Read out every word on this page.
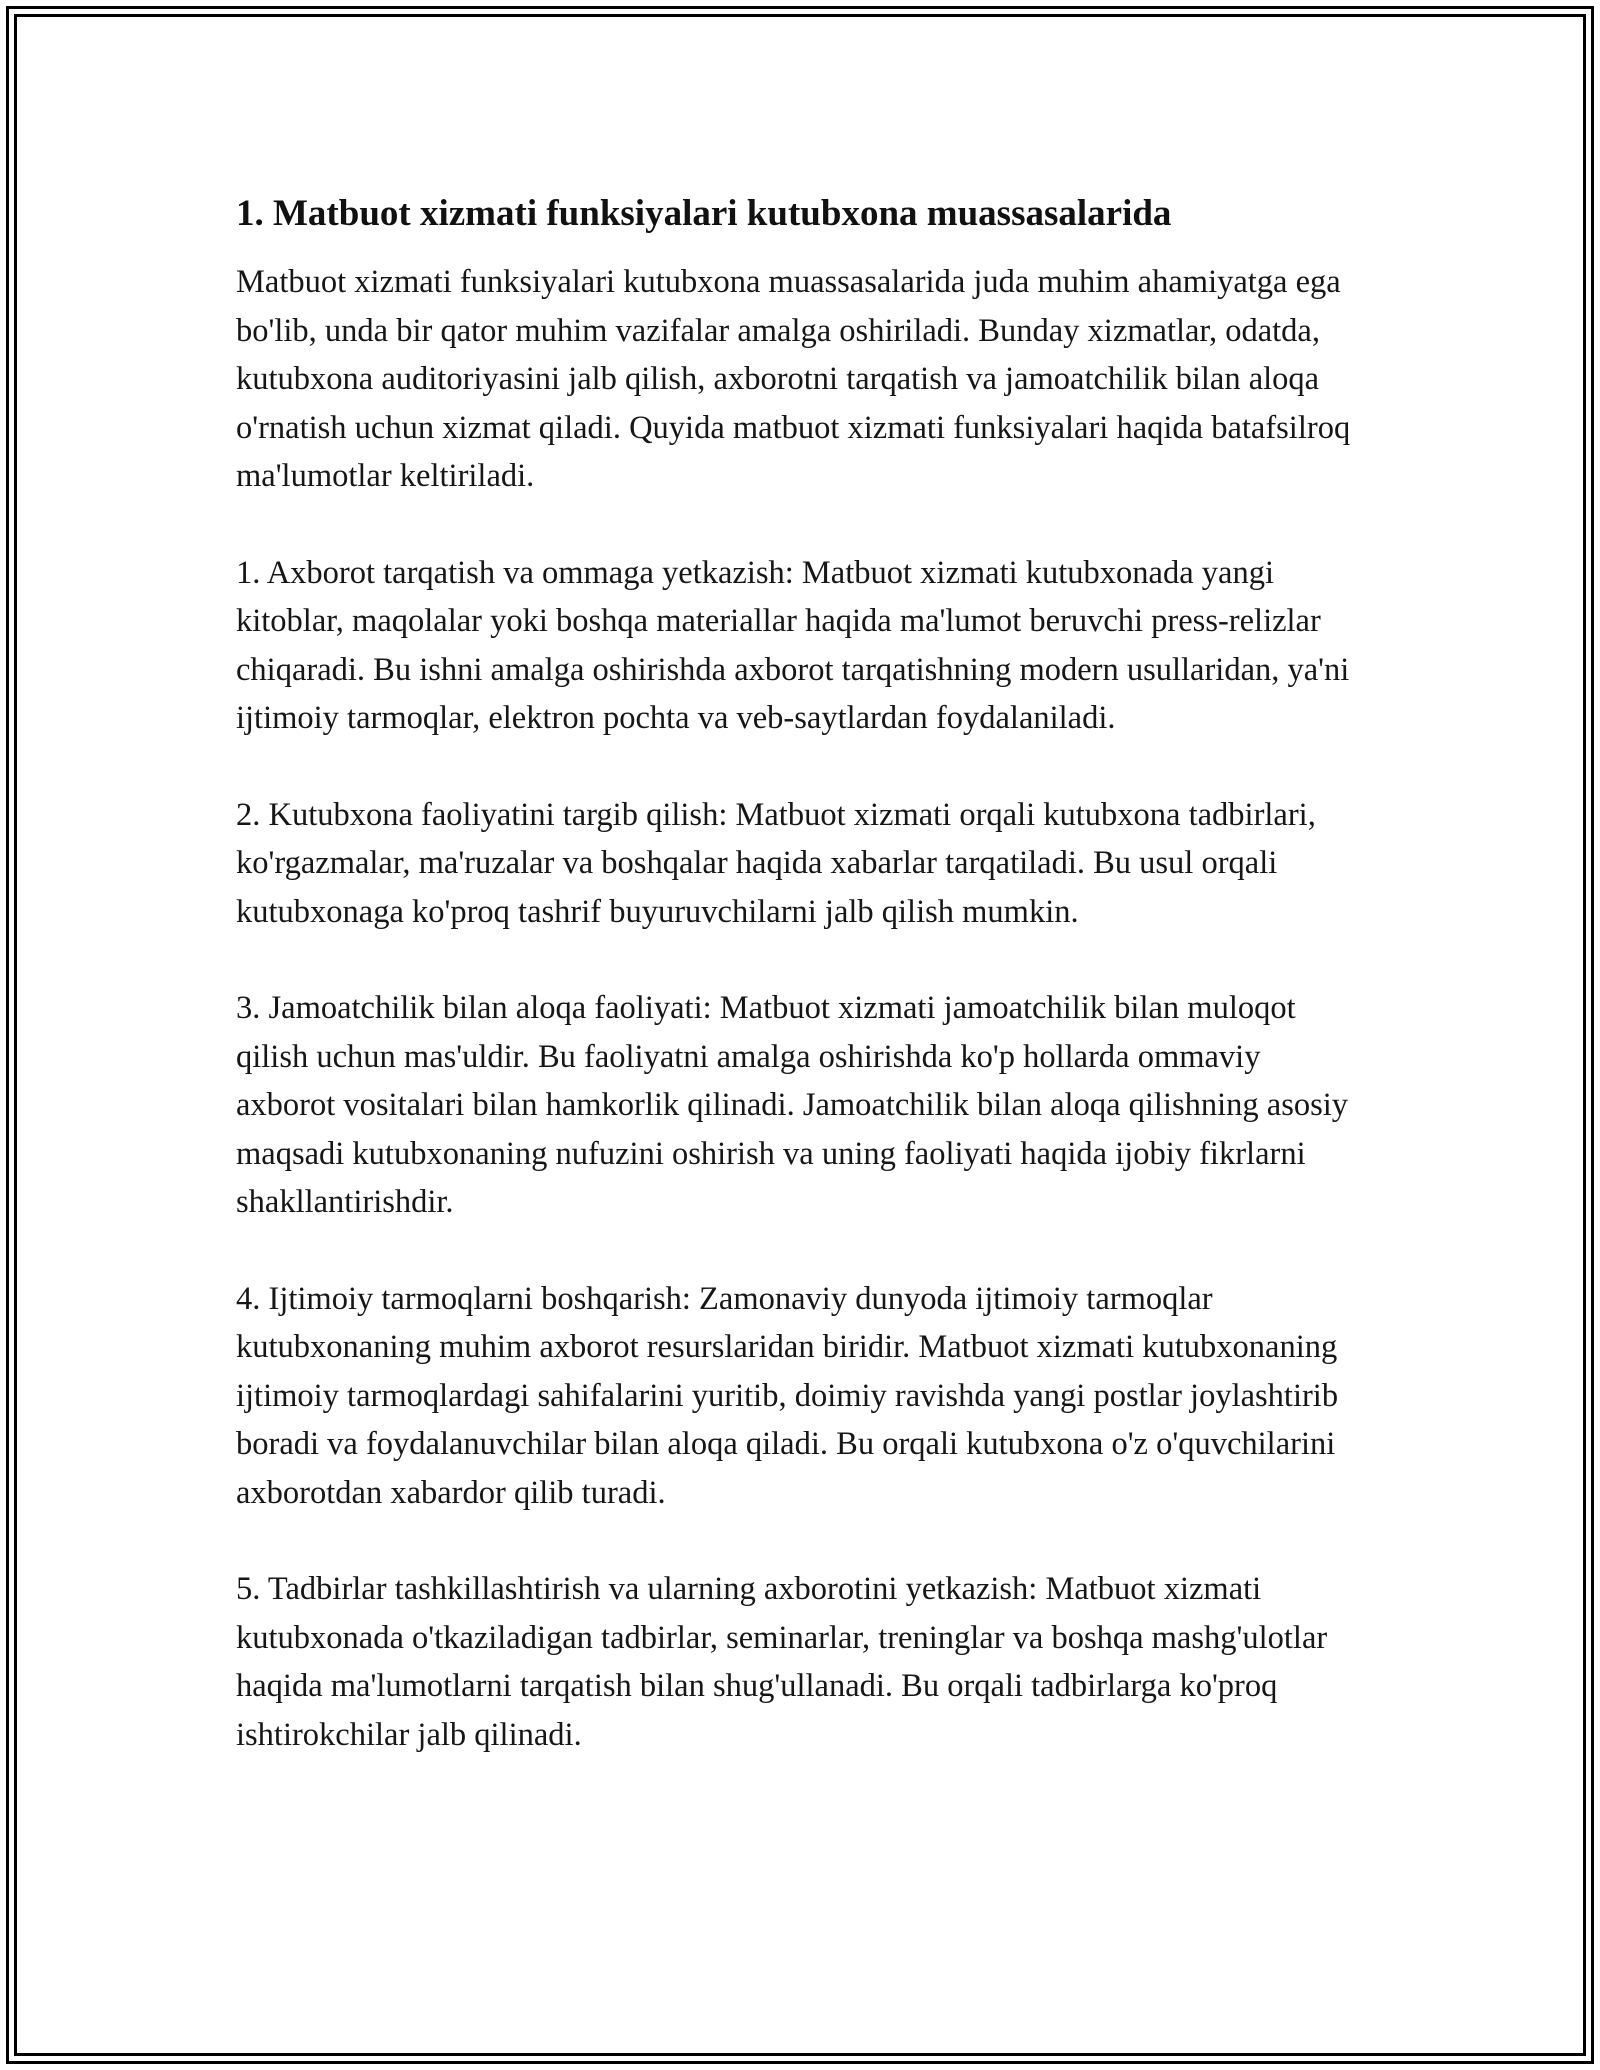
1. Matbuot xizmati funksiyalari kutubxona muassasalarida

Matbuot xizmati funksiyalari kutubxona muassasalarida juda muhim ahamiyatga ega bo'lib, unda bir qator muhim vazifalar amalga oshiriladi. Bunday xizmatlar, odatda, kutubxona auditoriyasini jalb qilish, axborotni tarqatish va jamoatchilik bilan aloqa o'rnatish uchun xizmat qiladi. Quyida matbuot xizmati funksiyalari haqida batafsilroq ma'lumotlar keltiriladi.

1. Axborot tarqatish va ommaga yetkazish: Matbuot xizmati kutubxonada yangi kitoblar, maqolalar yoki boshqa materiallar haqida ma'lumot beruvchi press-relizlar chiqaradi. Bu ishni amalga oshirishda axborot tarqatishning modern usullaridan, ya'ni ijtimoiy tarmoqlar, elektron pochta va veb-saytlardan foydalaniladi.

2. Kutubxona faoliyatini targib qilish: Matbuot xizmati orqali kutubxona tadbirlari, ko'rgazmalar, ma'ruzalar va boshqalar haqida xabarlar tarqatiladi. Bu usul orqali kutubxonaga ko'proq tashrif buyuruvchilarni jalb qilish mumkin.

3. Jamoatchilik bilan aloqa faoliyati: Matbuot xizmati jamoatchilik bilan muloqot qilish uchun mas'uldir. Bu faoliyatni amalga oshirishda ko'p hollarda ommaviy axborot vositalari bilan hamkorlik qilinadi. Jamoatchilik bilan aloqa qilishning asosiy maqsadi kutubxonaning nufuzini oshirish va uning faoliyati haqida ijobiy fikrlarni shakllantirishdir.

4. Ijtimoiy tarmoqlarni boshqarish: Zamonaviy dunyoda ijtimoiy tarmoqlar kutubxonaning muhim axborot resurslaridan biridir. Matbuot xizmati kutubxonaning ijtimoiy tarmoqlardagi sahifalarini yuritib, doimiy ravishda yangi postlar joylashtirib boradi va foydalanuvchilar bilan aloqa qiladi. Bu orqali kutubxona o'z o'quvchilarini axborotdan xabardor qilib turadi.

5. Tadbirlar tashkillashtirish va ularning axborotini yetkazish: Matbuot xizmati kutubxonada o'tkaziladigan tadbirlar, seminarlar, treninglar va boshqa mashg'ulotlar haqida ma'lumotlarni tarqatish bilan shug'ullanadi. Bu orqali tadbirlarga ko'proq ishtirokchilar jalb qilinadi.
